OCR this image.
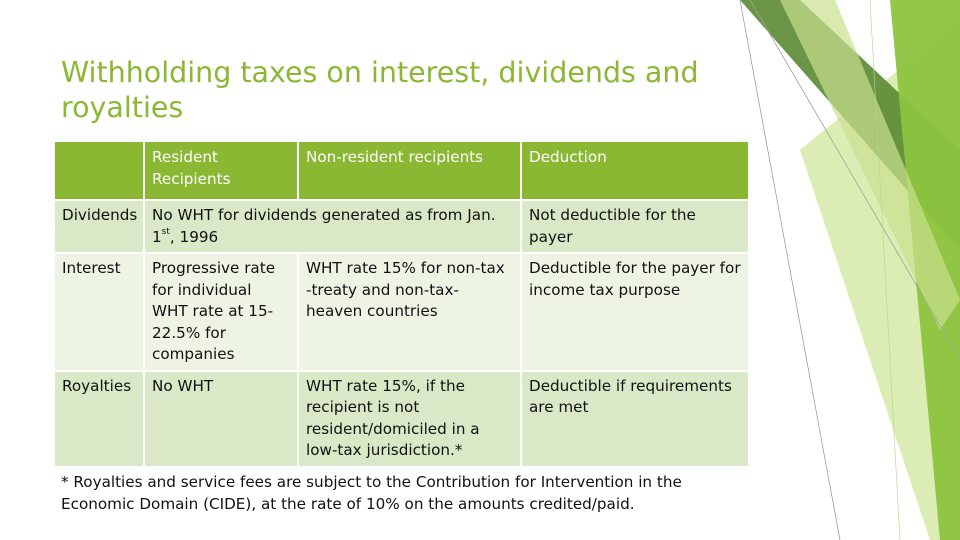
Withholding taxes on interest, dividends and royalties
	Resident Recipients	Non-resident recipients	Deduction
Dividends	No WHT for dividends generated as from Jan. 1st, 1996		Not deductible for the payer
Interest	Progressive rate for individual WHT rate at 15-22.5% for companies	WHT rate 15% for non-tax -treaty and non-tax-heaven countries	Deductible for the payer for income tax purpose
Royalties	No WHT	WHT rate 15%, if the recipient is not resident/domiciled in a low-tax jurisdiction.*	Deductible if requirements are met

* Royalties and service fees are subject to the Contribution for Intervention in the Economic Domain (CIDE), at the rate of 10% on the amounts credited/paid.
